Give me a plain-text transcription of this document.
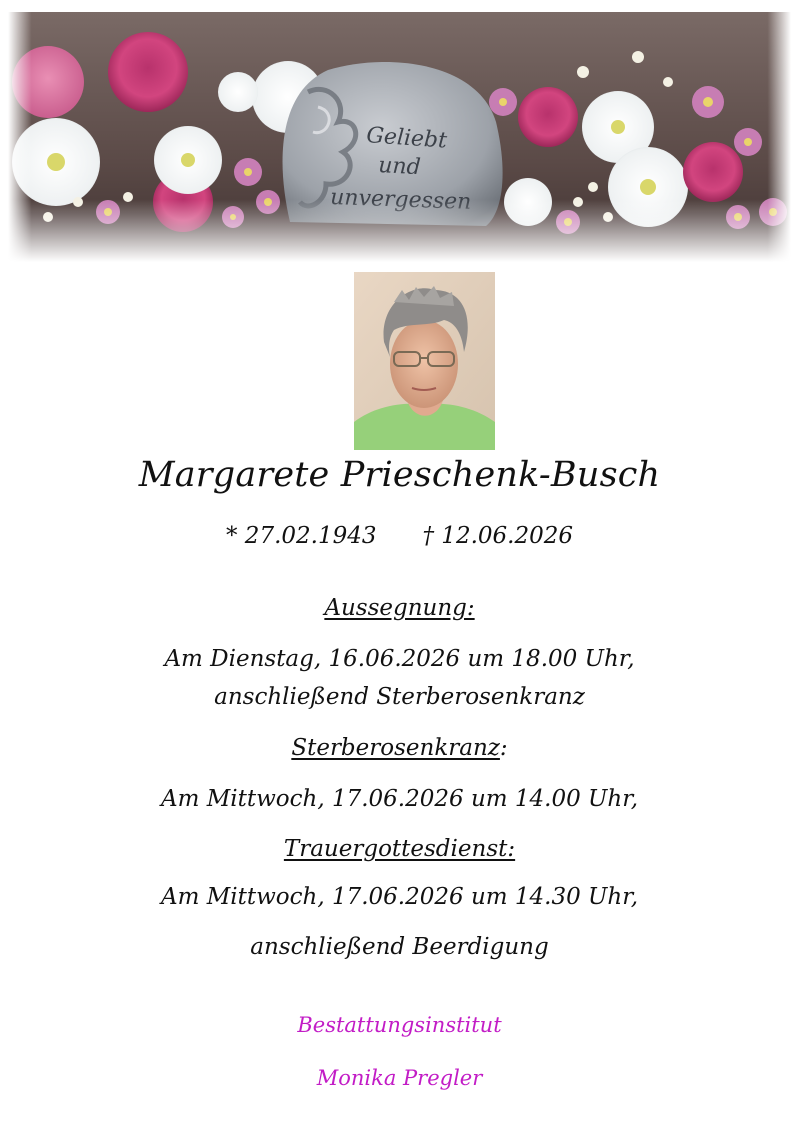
Margarete Prieschenk-Busch
* 27.02.1943 † 12.06.2026
Aussegnung:
Am Dienstag, 16.06.2026 um 18.00 Uhr,
anschließend Sterberosenkranz
Sterberosenkranz:
Am Mittwoch, 17.06.2026 um 14.00 Uhr,
Trauergottesdienst:
Am Mittwoch, 17.06.2026 um 14.30 Uhr,
anschließend Beerdigung
Bestattungsinstitut
Monika Pregler
